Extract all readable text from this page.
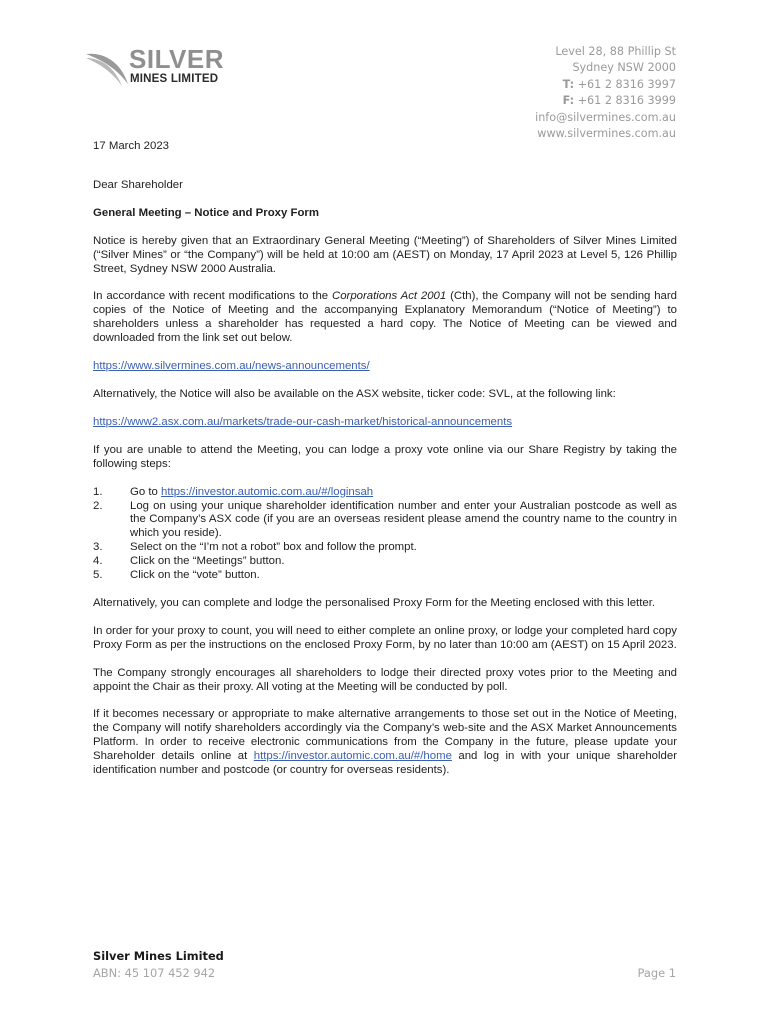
SILVER
MINES LIMITED
Level 28, 88 Phillip St
Sydney NSW 2000
T: +61 2 8316 3997
F: +61 2 8316 3999
info@silvermines.com.au
www.silvermines.com.au

17 March 2023

Dear Shareholder

General Meeting – Notice and Proxy Form

Notice is hereby given that an Extraordinary General Meeting (“Meeting”) of Shareholders of Silver Mines Limited (“Silver Mines” or “the Company”) will be held at 10:00 am (AEST) on Monday, 17 April 2023 at Level 5, 126 Phillip Street, Sydney NSW 2000 Australia.

In accordance with recent modifications to the Corporations Act 2001 (Cth), the Company will not be sending hard copies of the Notice of Meeting and the accompanying Explanatory Memorandum (“Notice of Meeting”) to shareholders unless a shareholder has requested a hard copy. The Notice of Meeting can be viewed and downloaded from the link set out below.

https://www.silvermines.com.au/news-announcements/

Alternatively, the Notice will also be available on the ASX website, ticker code: SVL, at the following link:

https://www2.asx.com.au/markets/trade-our-cash-market/historical-announcements

If you are unable to attend the Meeting, you can lodge a proxy vote online via our Share Registry by taking the following steps:

1. Go to https://investor.automic.com.au/#/loginsah
2. Log on using your unique shareholder identification number and enter your Australian postcode as well as the Company’s ASX code (if you are an overseas resident please amend the country name to the country in which you reside).
3. Select on the “I’m not a robot” box and follow the prompt.
4. Click on the “Meetings” button.
5. Click on the “vote” button.

Alternatively, you can complete and lodge the personalised Proxy Form for the Meeting enclosed with this letter.

In order for your proxy to count, you will need to either complete an online proxy, or lodge your completed hard copy Proxy Form as per the instructions on the enclosed Proxy Form, by no later than 10:00 am (AEST) on 15 April 2023.

The Company strongly encourages all shareholders to lodge their directed proxy votes prior to the Meeting and appoint the Chair as their proxy. All voting at the Meeting will be conducted by poll.

If it becomes necessary or appropriate to make alternative arrangements to those set out in the Notice of Meeting, the Company will notify shareholders accordingly via the Company’s web-site and the ASX Market Announcements Platform. In order to receive electronic communications from the Company in the future, please update your Shareholder details online at https://investor.automic.com.au/#/home and log in with your unique shareholder identification number and postcode (or country for overseas residents).

Silver Mines Limited
ABN: 45 107 452 942	Page 1
